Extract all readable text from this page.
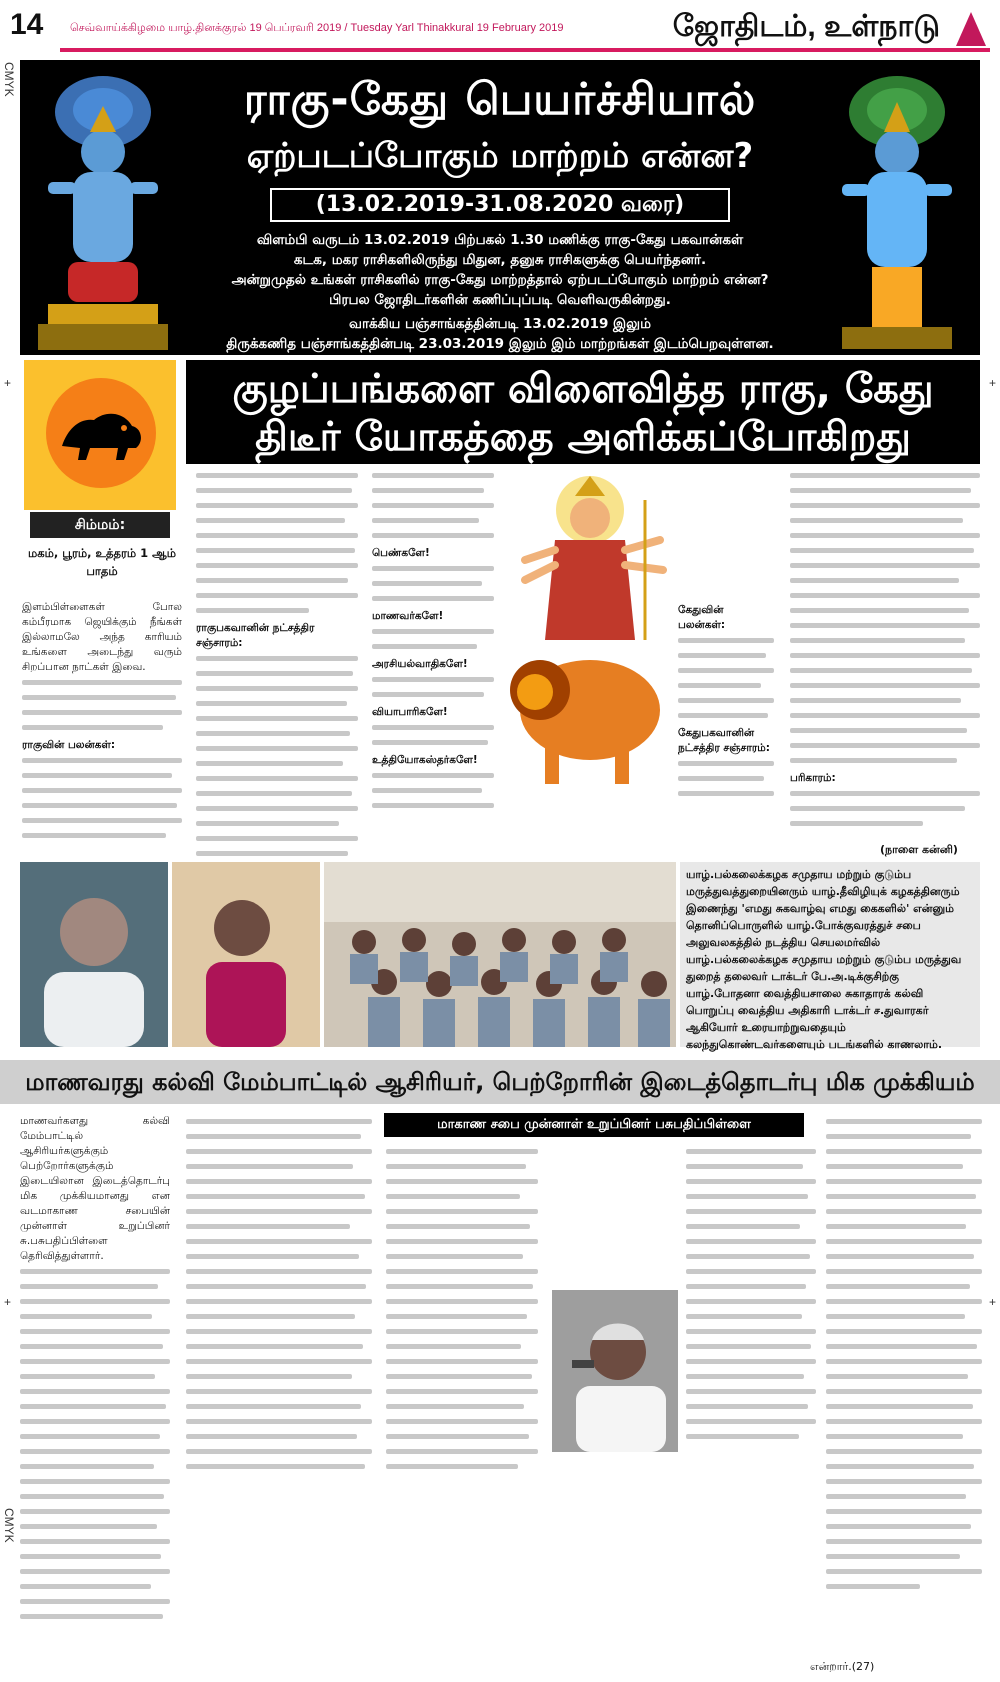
14 செவ்வாய்க்கிழமை யாழ்.தினக்குரல் 19 பெப்ரவரி 2019 / Tuesday Yarl Thinakkural 19 February 2019	ஜோதிடம், உள்நாடு
CMYK
CMYK
+	+
+	+
ராகு-கேது பெயர்ச்சியால்
ஏற்படப்போகும் மாற்றம் என்ன?
(13.02.2019-31.08.2020 வரை)
விளம்பி வருடம் 13.02.2019 பிற்பகல் 1.30 மணிக்கு ராகு-கேது பகவான்கள்
கடக, மகர ராசிகளிலிருந்து மிதுன, தனுசு ராசிகளுக்கு பெயர்ந்தனர்.
அன்றுமுதல் உங்கள் ராசிகளில் ராகு-கேது மாற்றத்தால் ஏற்படப்போகும் மாற்றம் என்ன?
பிரபல ஜோதிடர்களின் கணிப்புப்படி வெளிவருகின்றது.
வாக்கிய பஞ்சாங்கத்தின்படி 13.02.2019 இலும்
திருக்கணித பஞ்சாங்கத்தின்படி 23.03.2019 இலும் இம் மாற்றங்கள் இடம்பெறவுள்ளன.
சிம்மம்:
மகம், பூரம், உத்தரம் 1 ஆம் பாதம்
குழப்பங்களை விளைவித்த ராகு, கேது
திடீர் யோகத்தை அளிக்கப்போகிறது
இளம்பிள்ளைகள் போல கம்பீரமாக ஜெயிக்கும் நீங்கள் இல்லாமலே அந்த காரியம் உங்களை அடைந்து வரும் சிறப்பான நாட்கள் இவை.
ராகுவின் பலன்கள்:
ராகுபகவானின் நட்சத்திர சஞ்சாரம்:
பெண்களே!
மாணவர்களே!
அரசியல்வாதிகளே!
வியாபாரிகளே!
உத்தியோகஸ்தர்களே!
கேதுவின் பலன்கள்:
கேதுபகவானின் நட்சத்திர சஞ்சாரம்:
பரிகாரம்:
(நாளை கன்னி)
யாழ்.பல்கலைக்கழக சமுதாய மற்றும் குடும்ப மருத்துவத்துறையினரும் யாழ்.தீவிழியுக் கழகத்தினரும் இணைந்து 'எமது சுகவாழ்வு எமது கைகளில்' என்னும் தொனிப்பொருளில் யாழ்.போக்குவரத்துச் சபை அலுவலகத்தில் நடத்திய செயலமர்வில் யாழ்.பல்கலைக்கழக சமுதாய மற்றும் குடும்ப மருத்துவ துறைத் தலைவர் டாக்டர் பே.அ.டிக்குசிற்கு யாழ்.போதனா வைத்தியசாலை சுகாதாரக் கல்வி பொறுப்பு வைத்திய அதிகாரி டாக்டர் ச.துவாரகர் ஆகியோர் உரையாற்றுவதையும் கலந்துகொண்டவர்களையும் படங்களில் காணலாம்.
மாணவரது கல்வி மேம்பாட்டில் ஆசிரியர், பெற்றோரின் இடைத்தொடர்பு மிக முக்கியம்
மாணவர்களது கல்வி மேம்பாட்டில் ஆசிரியர்களுக்கும் பெற்றோர்களுக்கும் இடையிலான இடைத்தொடர்பு மிக முக்கியமானது என வடமாகாண சபையின் முன்னாள் உறுப்பினர் சு.பசுபதிப்பிள்ளை தெரிவித்துள்ளார்.
மாகாண சபை முன்னாள் உறுப்பினர் பசுபதிப்பிள்ளை
என்றார்.(27)
